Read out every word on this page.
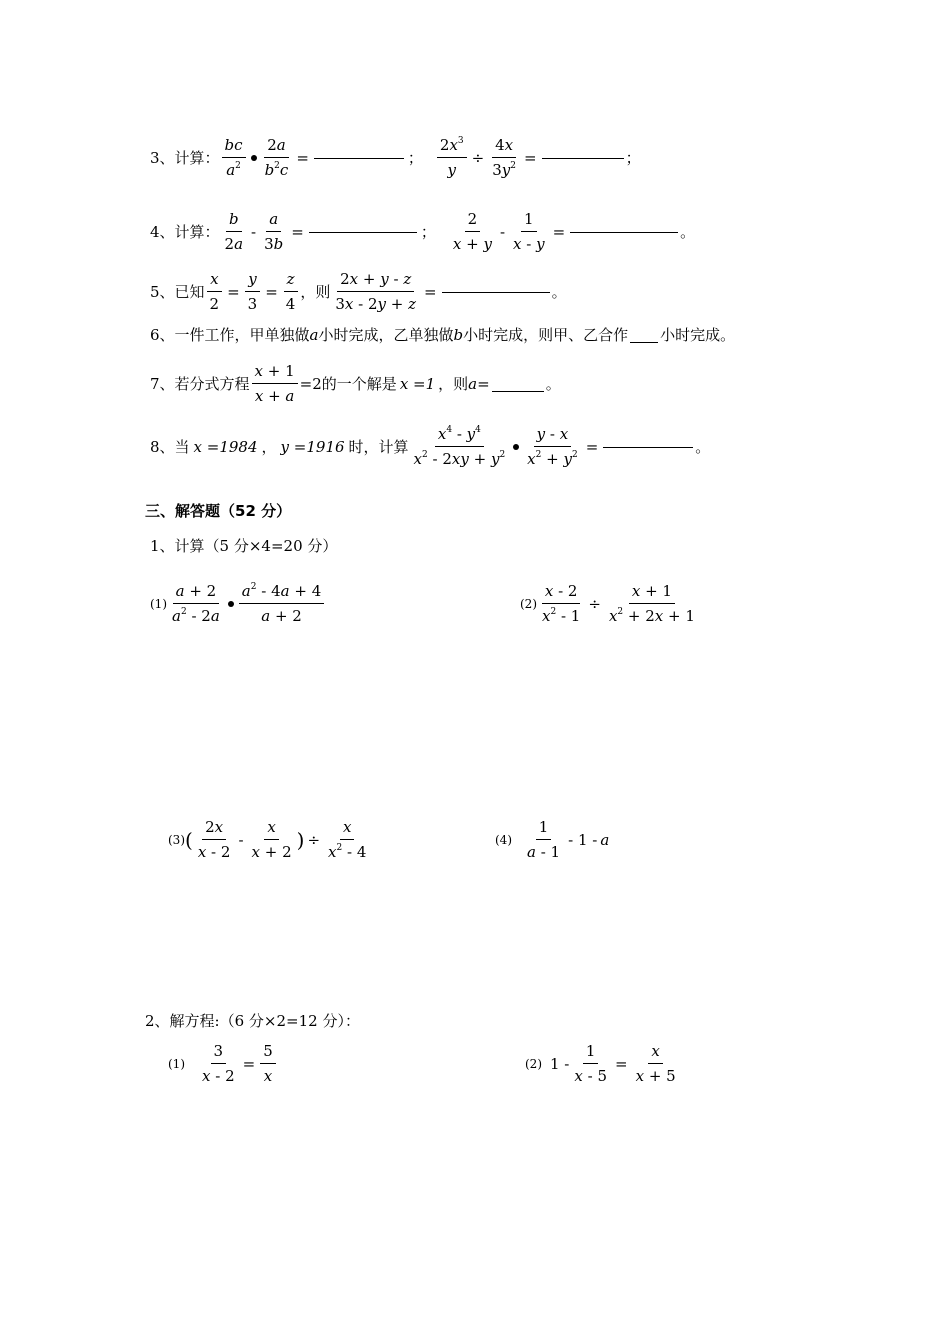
3、计算： $\frac{bc}{a^2} \frac{2a}{b^2c}$ =	； $\frac{2x^3}{y} \div \frac{4x}{3y^2}$ =	；
4、计算： $\frac{b}{2a} - \frac{a}{3b}$ =	； $\frac{2}{x + y} - \frac{1}{x - y}$ =	。
5、已知 $\frac{x}{2} = \frac{y}{3} = \frac{z}{4}$ ，则 $\frac{2x + y - z}{3x - 2y + z}$ =	。
6、一件工作，甲单独做 a 小时完成，乙单独做 b 小时完成，则甲、乙合作 小时完成。
7、若分式方程 $\frac{x + 1}{x + a} =2$ 的一个解是 x =1 ，则 a =	。
8、当 x =1984 ， y =1916 时，计算 $\frac{x^4 - y^4}{x^2 - 2xy + y^2} \frac{y - x}{x^2 + y^2}$ =	。
三、解答题（52 分）
1、计算（5 分×4=20 分）
$(1) \frac{a + 2}{a^2 - 2a} \frac{a^2 - 4a + 4}{a + 2}$	$(2) \frac{x - 2}{x^2 - 1} \div \frac{x + 1}{x^2 + 2x + 1}$
(3) ( $\frac{2x}{x - 2} - \frac{x}{x + 2}$ ) ÷ $\frac{x}{x^2 - 4}$	$(4) \frac{1}{a - 1} - 1$ - a
2、解方程:（6 分×2=12 分）：
$(1) \frac{3}{x - 2} = \frac{5}{x}$	(2) $1 - \frac{1}{x - 5} = \frac{x}{x + 5}$
